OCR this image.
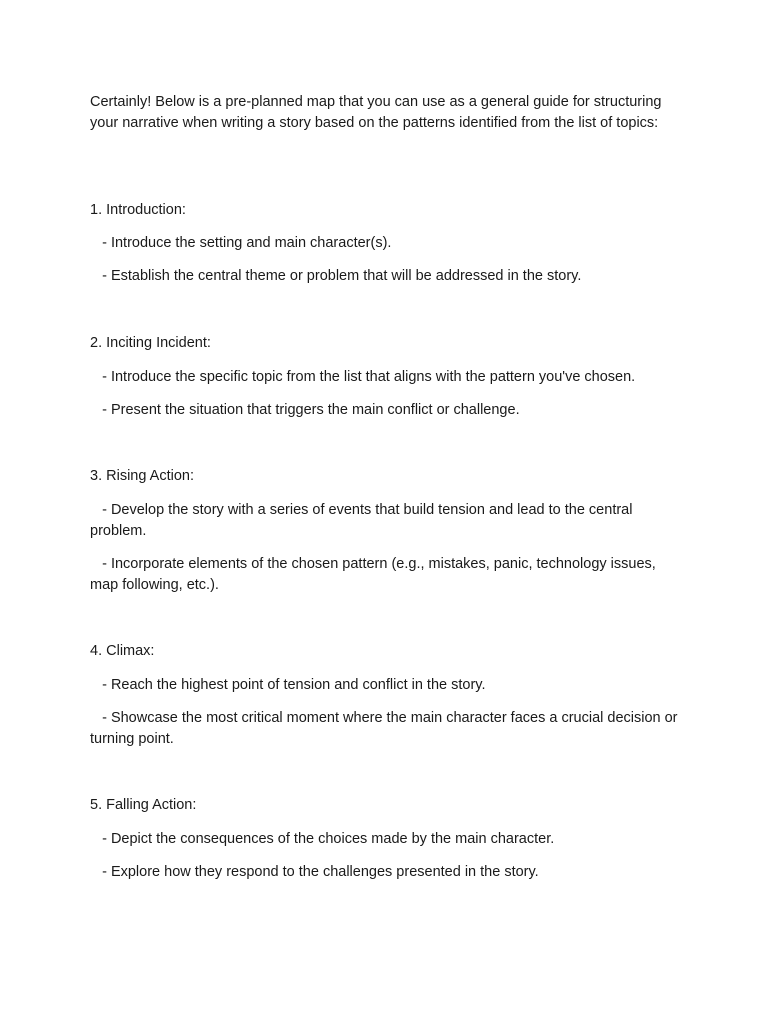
Certainly! Below is a pre-planned map that you can use as a general guide for structuring your narrative when writing a story based on the patterns identified from the list of topics:

1. Introduction:

- Introduce the setting and main character(s).

- Establish the central theme or problem that will be addressed in the story.

2. Inciting Incident:

- Introduce the specific topic from the list that aligns with the pattern you've chosen.

- Present the situation that triggers the main conflict or challenge.

3. Rising Action:

- Develop the story with a series of events that build tension and lead to the central problem.

- Incorporate elements of the chosen pattern (e.g., mistakes, panic, technology issues, map following, etc.).

4. Climax:

- Reach the highest point of tension and conflict in the story.

- Showcase the most critical moment where the main character faces a crucial decision or turning point.

5. Falling Action:

- Depict the consequences of the choices made by the main character.

- Explore how they respond to the challenges presented in the story.
